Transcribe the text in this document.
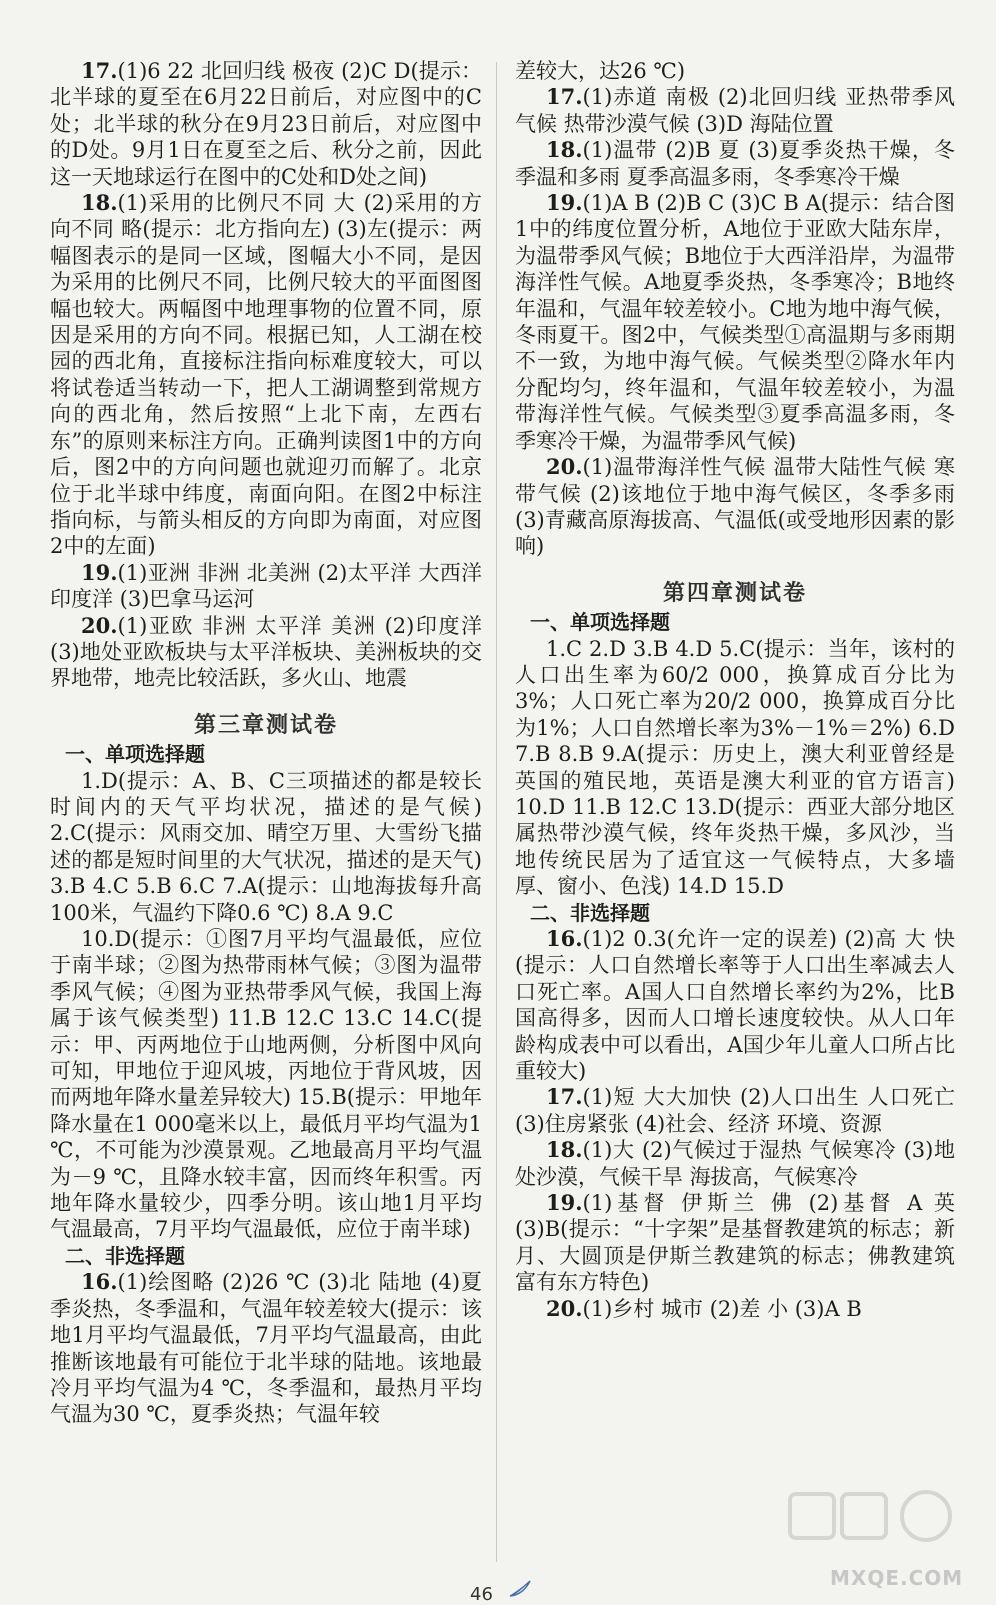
17.(1)6 22 北回归线 极夜 (2)C D(提示：北半球的夏至在6月22日前后，对应图中的C处；北半球的秋分在9月23日前后，对应图中的D处。9月1日在夏至之后、秋分之前，因此这一天地球运行在图中的C处和D处之间)

18.(1)采用的比例尺不同 大 (2)采用的方向不同 略(提示：北方指向左) (3)左(提示：两幅图表示的是同一区域，图幅大小不同，是因为采用的比例尺不同，比例尺较大的平面图图幅也较大。两幅图中地理事物的位置不同，原因是采用的方向不同。根据已知，人工湖在校园的西北角，直接标注指向标难度较大，可以将试卷适当转动一下，把人工湖调整到常规方向的西北角，然后按照“上北下南，左西右东”的原则来标注方向。正确判读图1中的方向后，图2中的方向问题也就迎刃而解了。北京位于北半球中纬度，南面向阳。在图2中标注指向标，与箭头相反的方向即为南面，对应图2中的左面)

19.(1)亚洲 非洲 北美洲 (2)太平洋 大西洋 印度洋 (3)巴拿马运河

20.(1)亚欧 非洲 太平洋 美洲 (2)印度洋 (3)地处亚欧板块与太平洋板块、美洲板块的交界地带，地壳比较活跃，多火山、地震

第三章测试卷

一、单项选择题

1.D(提示：A、B、C三项描述的都是较长时间内的天气平均状况，描述的是气候) 2.C(提示：风雨交加、晴空万里、大雪纷飞描述的都是短时间里的大气状况，描述的是天气) 3.B 4.C 5.B 6.C 7.A(提示：山地海拔每升高100米，气温约下降0.6 ℃) 8.A 9.C

10.D(提示：①图7月平均气温最低，应位于南半球；②图为热带雨林气候；③图为温带季风气候；④图为亚热带季风气候，我国上海属于该气候类型) 11.B 12.C 13.C 14.C(提示：甲、丙两地位于山地两侧，分析图中风向可知，甲地位于迎风坡，丙地位于背风坡，因而两地年降水量差异较大) 15.B(提示：甲地年降水量在1 000毫米以上，最低月平均气温为1 ℃，不可能为沙漠景观。乙地最高月平均气温为－9 ℃，且降水较丰富，因而终年积雪。丙地年降水量较少，四季分明。该山地1月平均气温最高，7月平均气温最低，应位于南半球)

二、非选择题

16.(1)绘图略 (2)26 ℃ (3)北 陆地 (4)夏季炎热，冬季温和，气温年较差较大(提示：该地1月平均气温最低，7月平均气温最高，由此推断该地最有可能位于北半球的陆地。该地最冷月平均气温为4 ℃，冬季温和，最热月平均气温为30 ℃，夏季炎热；气温年较

差较大，达26 ℃)

17.(1)赤道 南极 (2)北回归线 亚热带季风气候 热带沙漠气候 (3)D 海陆位置

18.(1)温带 (2)B 夏 (3)夏季炎热干燥，冬季温和多雨 夏季高温多雨，冬季寒冷干燥

19.(1)A B (2)B C (3)C B A(提示：结合图1中的纬度位置分析，A地位于亚欧大陆东岸，为温带季风气候；B地位于大西洋沿岸，为温带海洋性气候。A地夏季炎热，冬季寒冷；B地终年温和，气温年较差较小。C地为地中海气候，冬雨夏干。图2中，气候类型①高温期与多雨期不一致，为地中海气候。气候类型②降水年内分配均匀，终年温和，气温年较差较小，为温带海洋性气候。气候类型③夏季高温多雨，冬季寒冷干燥，为温带季风气候)

20.(1)温带海洋性气候 温带大陆性气候 寒带气候 (2)该地位于地中海气候区，冬季多雨 (3)青藏高原海拔高、气温低(或受地形因素的影响)

第四章测试卷

一、单项选择题

1.C 2.D 3.B 4.D 5.C(提示：当年，该村的人口出生率为60/2 000，换算成百分比为3%；人口死亡率为20/2 000，换算成百分比为1%；人口自然增长率为3%－1%＝2%) 6.D 7.B 8.B 9.A(提示：历史上，澳大利亚曾经是英国的殖民地，英语是澳大利亚的官方语言) 10.D 11.B 12.C 13.D(提示：西亚大部分地区属热带沙漠气候，终年炎热干燥，多风沙，当地传统民居为了适宜这一气候特点，大多墙厚、窗小、色浅) 14.D 15.D

二、非选择题

16.(1)2 0.3(允许一定的误差) (2)高 大 快(提示：人口自然增长率等于人口出生率减去人口死亡率。A国人口自然增长率约为2%，比B国高得多，因而人口增长速度较快。从人口年龄构成表中可以看出，A国少年儿童人口所占比重较大)

17.(1)短 大大加快 (2)人口出生 人口死亡 (3)住房紧张 (4)社会、经济 环境、资源

18.(1)大 (2)气候过于湿热 气候寒冷 (3)地处沙漠，气候干旱 海拔高，气候寒冷

19.(1)基督 伊斯兰 佛 (2)基督 A 英 (3)B(提示：“十字架”是基督教建筑的标志；新月、大圆顶是伊斯兰教建筑的标志；佛教建筑富有东方特色)

20.(1)乡村 城市 (2)差 小 (3)A B

46
MXQE.COM
